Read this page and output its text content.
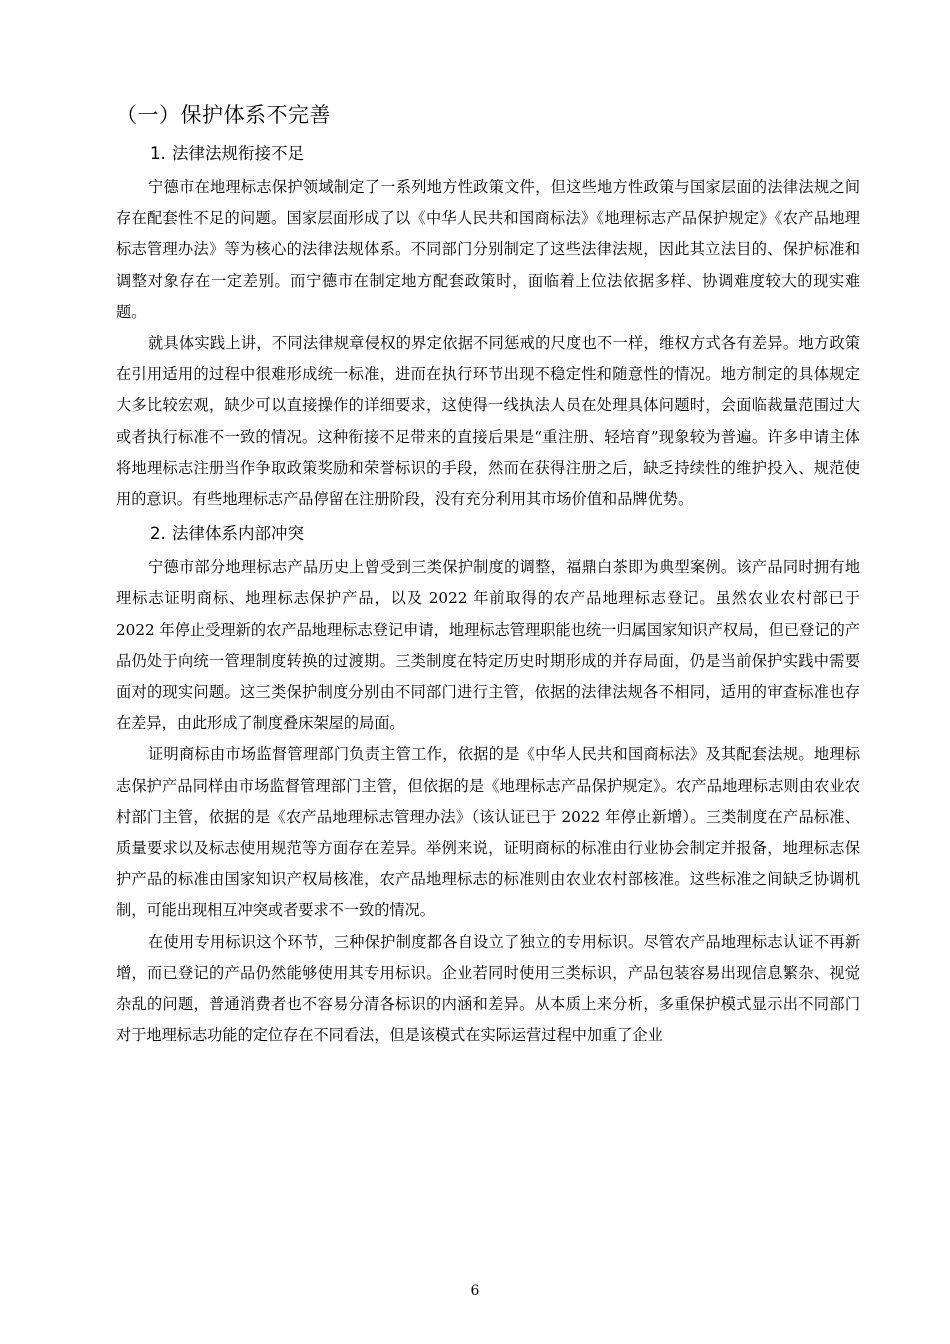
（一）保护体系不完善
1. 法律法规衔接不足

宁德市在地理标志保护领域制定了一系列地方性政策文件，但这些地方性政策与国家层面的法律法规之间存在配套性不足的问题。国家层面形成了以《中华人民共和国商标法》《地理标志产品保护规定》《农产品地理标志管理办法》等为核心的法律法规体系。不同部门分别制定了这些法律法规，因此其立法目的、保护标准和调整对象存在一定差别。而宁德市在制定地方配套政策时，面临着上位法依据多样、协调难度较大的现实难题。

就具体实践上讲，不同法律规章侵权的界定依据不同惩戒的尺度也不一样，维权方式各有差异。地方政策在引用适用的过程中很难形成统一标准，进而在执行环节出现不稳定性和随意性的情况。地方制定的具体规定大多比较宏观，缺少可以直接操作的详细要求，这使得一线执法人员在处理具体问题时，会面临裁量范围过大或者执行标准不一致的情况。这种衔接不足带来的直接后果是“重注册、轻培育”现象较为普遍。许多申请主体将地理标志注册当作争取政策奖励和荣誉标识的手段，然而在获得注册之后，缺乏持续性的维护投入、规范使用的意识。有些地理标志产品停留在注册阶段，没有充分利用其市场价值和品牌优势。

2. 法律体系内部冲突

宁德市部分地理标志产品历史上曾受到三类保护制度的调整，福鼎白茶即为典型案例。该产品同时拥有地理标志证明商标、地理标志保护产品，以及 2022 年前取得的农产品地理标志登记。虽然农业农村部已于 2022 年停止受理新的农产品地理标志登记申请，地理标志管理职能也统一归属国家知识产权局，但已登记的产品仍处于向统一管理制度转换的过渡期。三类制度在特定历史时期形成的并存局面，仍是当前保护实践中需要面对的现实问题。这三类保护制度分别由不同部门进行主管，依据的法律法规各不相同，适用的审查标准也存在差异，由此形成了制度叠床架屋的局面。

证明商标由市场监督管理部门负责主管工作，依据的是《中华人民共和国商标法》及其配套法规。地理标志保护产品同样由市场监督管理部门主管，但依据的是《地理标志产品保护规定》。农产品地理标志则由农业农村部门主管，依据的是《农产品地理标志管理办法》（该认证已于 2022 年停止新增）。三类制度在产品标准、质量要求以及标志使用规范等方面存在差异。举例来说，证明商标的标准由行业协会制定并报备，地理标志保护产品的标准由国家知识产权局核准，农产品地理标志的标准则由农业农村部核准。这些标准之间缺乏协调机制，可能出现相互冲突或者要求不一致的情况。

在使用专用标识这个环节，三种保护制度都各自设立了独立的专用标识。尽管农产品地理标志认证不再新增，而已登记的产品仍然能够使用其专用标识。企业若同时使用三类标识，产品包装容易出现信息繁杂、视觉杂乱的问题，普通消费者也不容易分清各标识的内涵和差异。从本质上来分析，多重保护模式显示出不同部门对于地理标志功能的定位存在不同看法，但是该模式在实际运营过程中加重了企业

6
